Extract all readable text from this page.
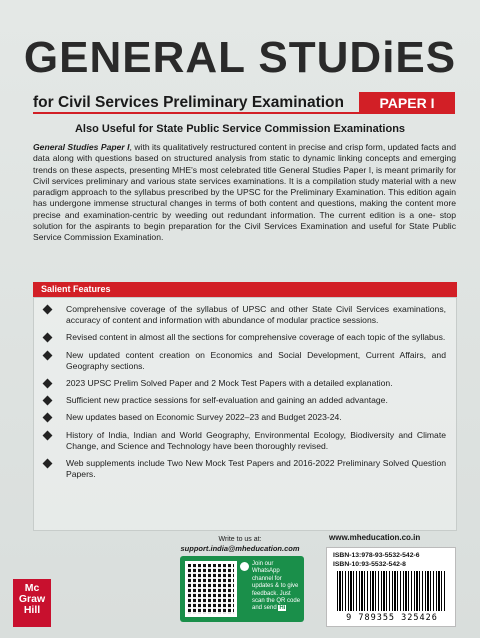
GENERAL STUDiES
for Civil Services Preliminary Examination	PAPER I
Also Useful for State Public Service Commission Examinations

General Studies Paper I, with its qualitatively restructured content in precise and crisp form, updated facts and data along with questions based on structured analysis from static to dynamic linking concepts and emerging trends on these aspects, presenting MHE's most celebrated title General Studies Paper I, is meant primarily for Civil services preliminary and various state services examinations. It is a compilation study material with a new paradigm approach to the syllabus prescribed by the UPSC for the Preliminary Examination. This edition again has undergone immense structural changes in terms of both content and questions, making the content more precise and examination-centric by weeding out redundant information. The current edition is a one- stop solution for the aspirants to begin preparation for the Civil Services Examination and useful for State Public Service Commission Examination.

Salient Features
Comprehensive coverage of the syllabus of UPSC and other State Civil Services examinations, accuracy of content and information with abundance of modular practice sessions.
Revised content in almost all the sections for comprehensive coverage of each topic of the syllabus.
New updated content creation on Economics and Social Development, Current Affairs, and Geography sections.
2023 UPSC Prelim Solved Paper and 2 Mock Test Papers with a detailed explanation.
Sufficient new practice sessions for self-evaluation and gaining an added advantage.
New updates based on Economic Survey 2022–23 and Budget 2023-24.
History of India, Indian and World Geography, Environmental Ecology, Biodiversity and Climate Change, and Science and Technology have been thoroughly revised.
Web supplements include Two New Mock Test Papers and 2016-2022 Preliminary Solved Question Papers.
Mc
Graw
Hill
Write to us at:
support.india@mheducation.com
Join our WhatsApp channel for updates & to give feedback. Just scan the QR code and send Hi
www.mheducation.co.in
ISBN-13:978-93-5532-542-6
ISBN-10:93-5532-542-8
9 789355 325426
